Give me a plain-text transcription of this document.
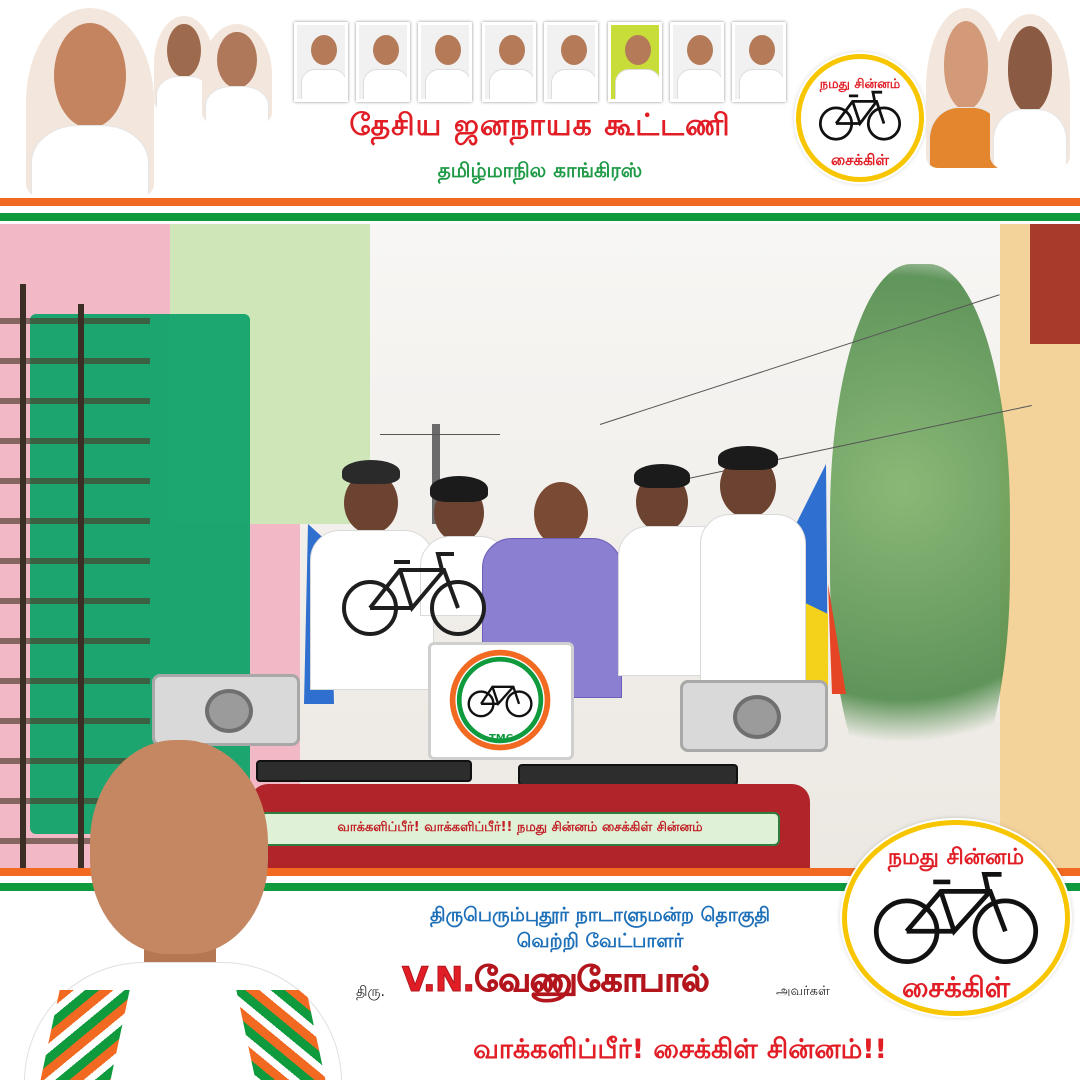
தேசிய ஜனநாயக கூட்டணி
தமிழ்மாநில காங்கிரஸ்
நமது சின்னம்
சைக்கிள்
TMC
வாக்களிப்பீர்! வாக்களிப்பீர்!! நமது சின்னம் சைக்கிள் சின்னம்
திருபெரும்புதூர் நாடாளுமன்ற தொகுதி
வெற்றி வேட்பாளர்
திரு. V.N.வேணுகோபால்	அவர்கள்
நமது சின்னம்
சைக்கிள்
வாக்களிப்பீர்! சைக்கிள் சின்னம்!!
